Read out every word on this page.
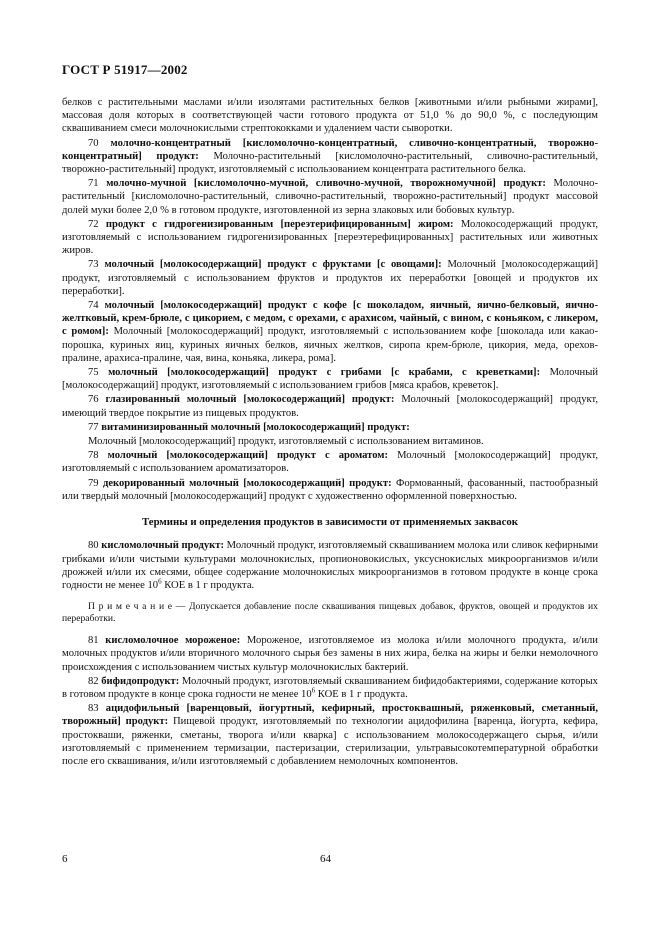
ГОСТ Р 51917—2002

белков с растительными маслами и/или изолятами растительных белков [животными и/или рыбными жирами], массовая доля которых в соответствующей части готового продукта от 51,0 % до 90,0 %, с последующим сквашиванием смеси молочнокислыми стрептококками и удалением части сыворотки.

70 молочно-концентратный [кисломолочно-концентратный, сливочно-концентратный, творожно-концентратный] продукт: Молочно-растительный [кисломолочно-растительный, сливочно-растительный, творожно-растительный] продукт, изготовляемый с использованием концентрата растительного белка.

71 молочно-мучной [кисломолочно-мучной, сливочно-мучной, творожномучной] продукт: Молочно-растительный [кисломолочно-растительный, сливочно-растительный, творожно-растительный] продукт массовой долей муки более 2,0 % в готовом продукте, изготовленной из зерна злаковых или бобовых культур.

72 продукт с гидрогенизированным [переэтерифицированным] жиром: Молокосодержащий продукт, изготовляемый с использованием гидрогенизированных [переэтерефицированных] растительных или животных жиров.

73 молочный [молокосодержащий] продукт с фруктами [с овощами]: Молочный [молокосодержащий] продукт, изготовляемый с использованием фруктов и продуктов их переработки [овощей и продуктов их переработки].

74 молочный [молокосодержащий] продукт с кофе [с шоколадом, яичный, яично-белковый, яично-желтковый, крем-брюле, с цикорием, с медом, с орехами, с арахисом, чайный, с вином, с коньяком, с ликером, с ромом]: Молочный [молокосодержащий] продукт, изготовляемый с использованием кофе [шоколада или какао-порошка, куриных яиц, куриных яичных белков, яичных желтков, сиропа крем-брюле, цикория, меда, орехов-пралине, арахиса-пралине, чая, вина, коньяка, ликера, рома].

75 молочный [молокосодержащий] продукт с грибами [с крабами, с креветками]: Молочный [молокосодержащий] продукт, изготовляемый с использованием грибов [мяса крабов, креветок].

76 глазированный молочный [молокосодержащий] продукт: Молочный [молокосодержащий] продукт, имеющий твердое покрытие из пищевых продуктов.

77 витаминизированный молочный [молокосодержащий] продукт:

Молочный [молокосодержащий] продукт, изготовляемый с использованием витаминов.

78 молочный [молокосодержащий] продукт с ароматом: Молочный [молокосодержащий] продукт, изготовляемый с использованием ароматизаторов.

79 декорированный молочный [молокосодержащий] продукт: Формованный, фасованный, пастообразный или твердый молочный [молокосодержащий] продукт с художественно оформленной поверхностью.

Термины и определения продуктов в зависимости от применяемых заквасок

80 кисломолочный продукт: Молочный продукт, изготовляемый сквашиванием молока или сливок кефирными грибками и/или чистыми культурами молочнокислых, пропионовокислых, уксуснокислых микроорганизмов и/или дрожжей и/или их смесями, общее содержание молочнокислых микроорганизмов в готовом продукте в конце срока годности не менее $10^6$ КОЕ в 1 г продукта.

П р и м е ч а н и е — Допускается добавление после сквашивания пищевых добавок, фруктов, овощей и продуктов их переработки.

81 кисломолочное мороженое: Мороженое, изготовляемое из молока и/или молочного продукта, и/или молочных продуктов и/или вторичного молочного сырья без замены в них жира, белка на жиры и белки немолочного происхождения с использованием чистых культур молочнокислых бактерий.

82 бифидопродукт: Молочный продукт, изготовляемый сквашиванием бифидобактериями, содержание которых в готовом продукте в конце срока годности не менее $10^6$ КОЕ в 1 г продукта.

83 ацидофильный [варенцовый, йогуртный, кефирный, простоквашный, ряженковый, сметанный, творожный] продукт: Пищевой продукт, изготовляемый по технологии ацидофилина [варенца, йогурта, кефира, простокваши, ряженки, сметаны, творога и/или кварка] с использованием молокосодержащего сырья, и/или изготовляемый с применением термизации, пастеризации, стерилизации, ультравысокотемпературной обработки после его сквашивания, и/или изготовляемый с добавлением немолочных компонентов.

6	64
